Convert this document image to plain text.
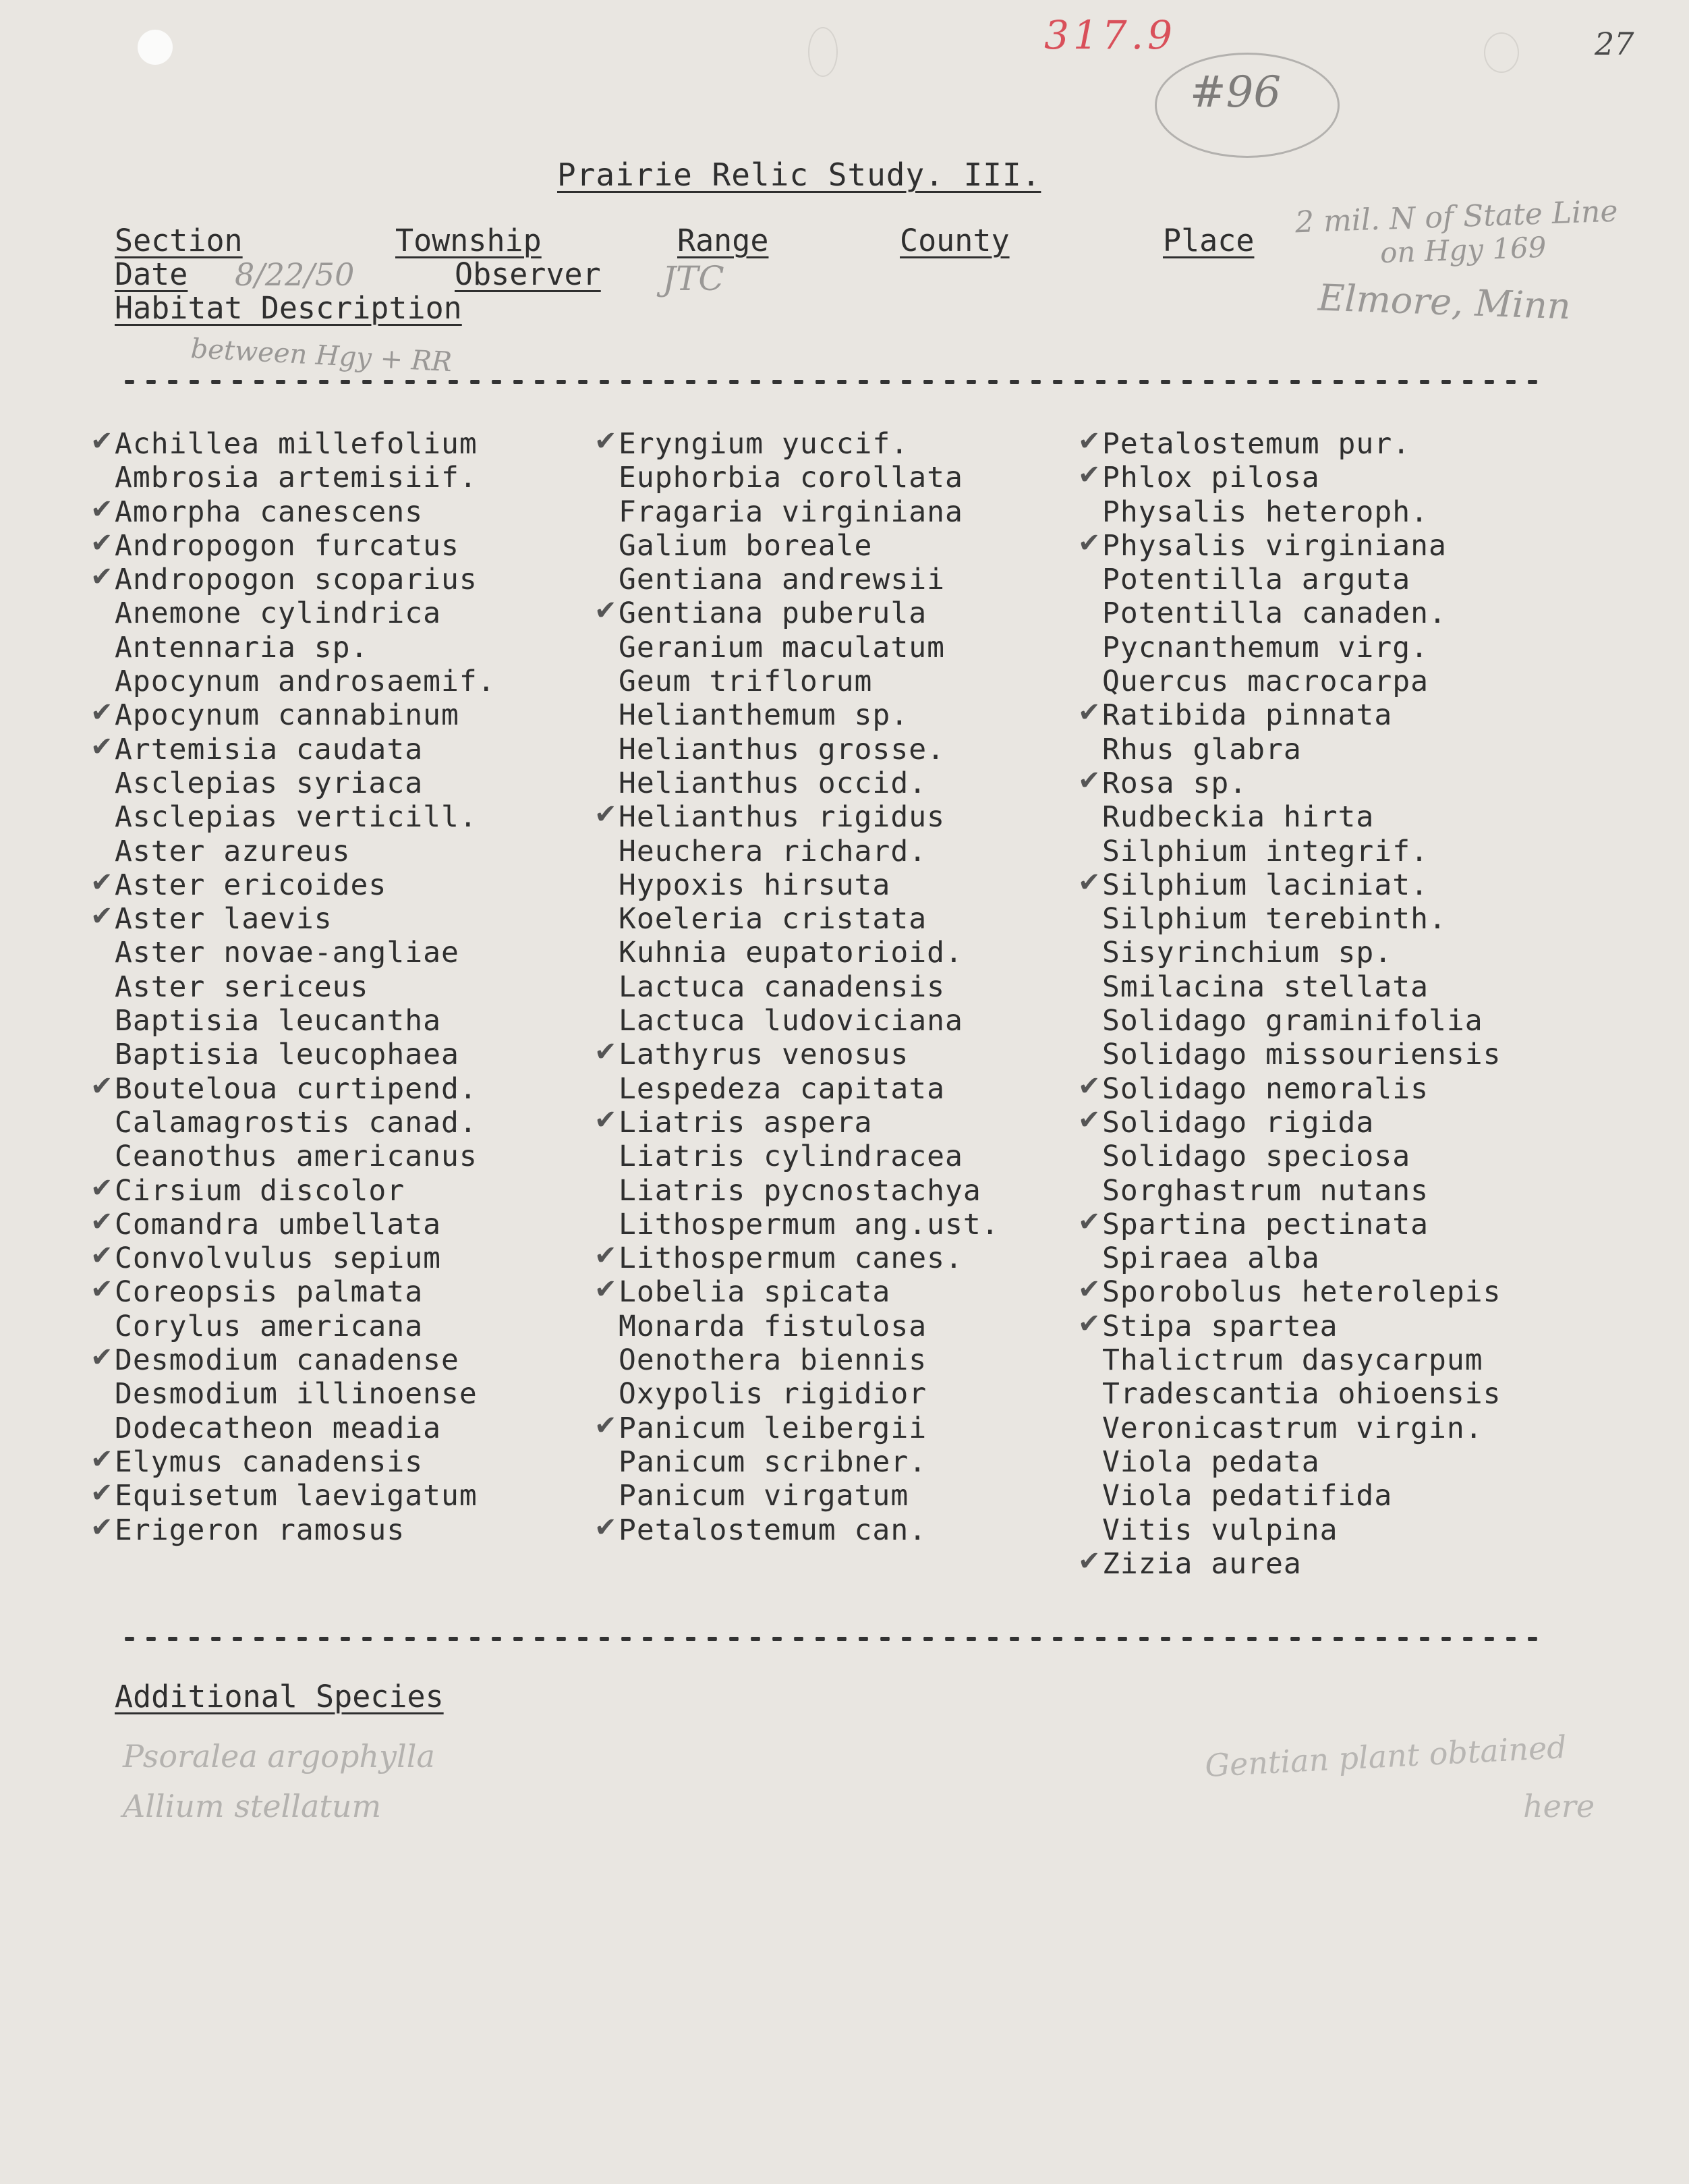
317.9	27
#96
Prairie Relic Study. III.
Section	Township	Range	County	Place
Date 8/22/50	Observer JTC
Habitat Description
between Hgy + RR
2 mil. N of State Line
on Hgy 169
Elmore, Minn
✔
Achillea millefolium
Ambrosia artemisiif.
✔
Amorpha canescens
✔
Andropogon furcatus
✔
Andropogon scoparius
Anemone cylindrica
Antennaria sp.
Apocynum androsaemif.
✔
Apocynum cannabinum
✔
Artemisia caudata
Asclepias syriaca
Asclepias verticill.
Aster azureus
✔
Aster ericoides
✔
Aster laevis
Aster novae-angliae
Aster sericeus
Baptisia leucantha
Baptisia leucophaea
✔
Bouteloua curtipend.
Calamagrostis canad.
Ceanothus americanus
✔
Cirsium discolor
✔
Comandra umbellata
✔
Convolvulus sepium
✔
Coreopsis palmata
Corylus americana
✔
Desmodium canadense
Desmodium illinoense
Dodecatheon meadia
✔
Elymus canadensis
✔
Equisetum laevigatum
✔
Erigeron ramosus
✔
Eryngium yuccif.
Euphorbia corollata
Fragaria virginiana
Galium boreale
Gentiana andrewsii
✔
Gentiana puberula
Geranium maculatum
Geum triflorum
Helianthemum sp.
Helianthus grosse.
Helianthus occid.
✔
Helianthus rigidus
Heuchera richard.
Hypoxis hirsuta
Koeleria cristata
Kuhnia eupatorioid.
Lactuca canadensis
Lactuca ludoviciana
✔
Lathyrus venosus
Lespedeza capitata
✔
Liatris aspera
Liatris cylindracea
Liatris pycnostachya
Lithospermum ang.ust.
✔
Lithospermum canes.
✔
Lobelia spicata
Monarda fistulosa
Oenothera biennis
Oxypolis rigidior
✔
Panicum leibergii
Panicum scribner.
Panicum virgatum
✔
Petalostemum can.
✔
Petalostemum pur.
✔
Phlox pilosa
Physalis heteroph.
✔
Physalis virginiana
Potentilla arguta
Potentilla canaden.
Pycnanthemum virg.
Quercus macrocarpa
✔
Ratibida pinnata
Rhus glabra
✔
Rosa sp.
Rudbeckia hirta
Silphium integrif.
✔
Silphium laciniat.
Silphium terebinth.
Sisyrinchium sp.
Smilacina stellata
Solidago graminifolia
Solidago missouriensis
✔
Solidago nemoralis
✔
Solidago rigida
Solidago speciosa
Sorghastrum nutans
✔
Spartina pectinata
Spiraea alba
✔
Sporobolus heterolepis
✔
Stipa spartea
Thalictrum dasycarpum
Tradescantia ohioensis
Veronicastrum virgin.
Viola pedata
Viola pedatifida
Vitis vulpina
✔
Zizia aurea
Additional Species
Psoralea argophylla
Allium stellatum
Gentian plant obtained
here
